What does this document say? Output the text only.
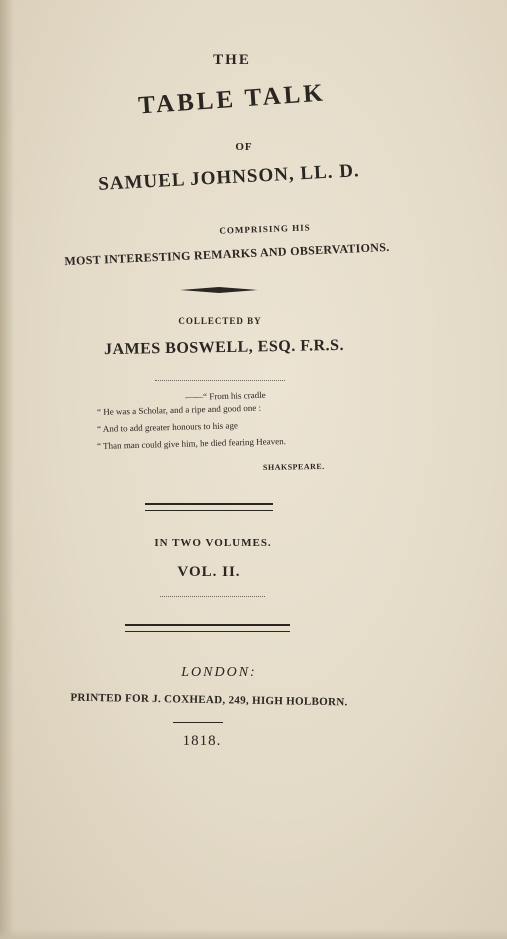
THE
TABLE TALK
OF
SAMUEL JOHNSON, LL. D.
COMPRISING HIS
MOST INTERESTING REMARKS AND OBSERVATIONS.
COLLECTED BY
JAMES BOSWELL, ESQ. F.R.S.
——“ From his cradle
“ He was a Scholar, and a ripe and good one :
“ And to add greater honours to his age
“ Than man could give him, he died fearing Heaven.
SHAKSPEARE.
IN TWO VOLUMES.
VOL. II.
LONDON:
PRINTED FOR J. COXHEAD, 249, HIGH HOLBORN.
1818.
